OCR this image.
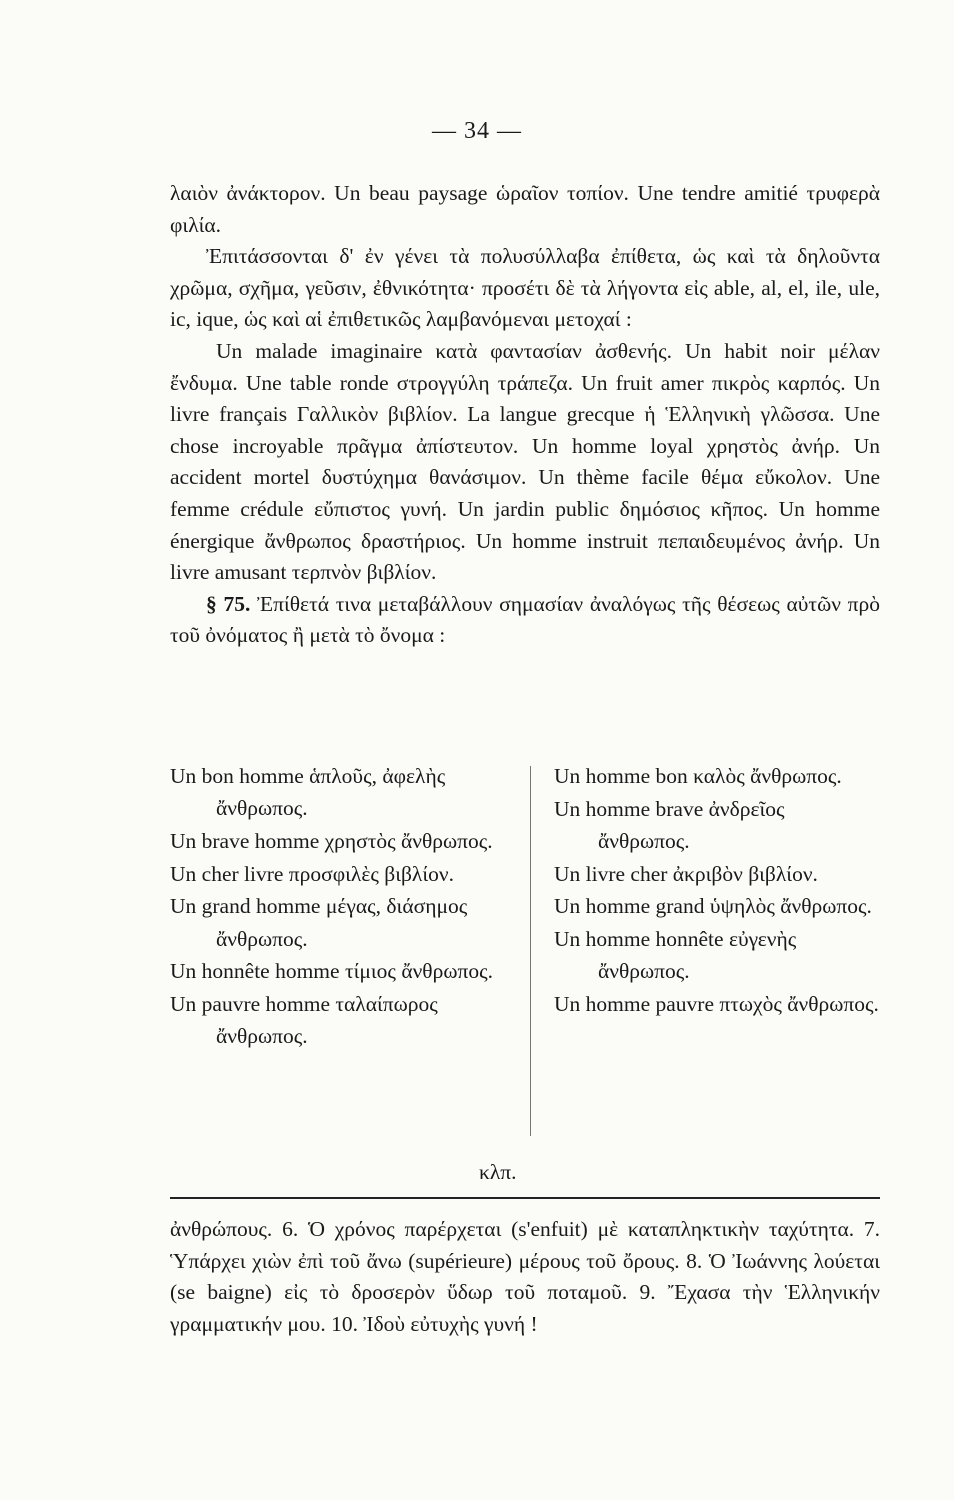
— 34 —

λαιὸν ἀνάκτορον. Un beau paysage ὡραῖον τοπίον. Une tendre amitié τρυφερὰ φιλία.

Ἐπιτάσσονται δ' ἐν γένει τὰ πολυσύλλαβα ἐπίθετα, ὡς καὶ τὰ δηλοῦντα χρῶμα, σχῆμα, γεῦσιν, ἐθνικότητα· προσέτι δὲ τὰ λήγοντα εἰς able, al, el, ile, ule, ic, ique, ὡς καὶ αἱ ἐπιθετικῶς λαμβανόμεναι μετοχαί :

Un malade imaginaire κατὰ φαντασίαν ἀσθενής. Un habit noir μέλαν ἔνδυμα. Une table ronde στρογγύλη τράπεζα. Un fruit amer πικρὸς καρπός. Un livre français Γαλλικὸν βιβλίον. La langue grecque ἡ Ἑλληνικὴ γλῶσσα. Une chose incroyable πρᾶγμα ἀπίστευτον. Un homme loyal χρηστὸς ἀνήρ. Un accident mortel δυστύχημα θανάσιμον. Un thème facile θέμα εὔκολον. Une femme crédule εὔπιστος γυνή. Un jardin public δημόσιος κῆπος. Un homme énergique ἄνθρωπος δραστήριος. Un homme instruit πεπαιδευμένος ἀνήρ. Un livre amusant τερπνὸν βιβλίον.

§ 75. Ἐπίθετά τινα μεταβάλλουν σημασίαν ἀναλόγως τῆς θέσεως αὐτῶν πρὸ τοῦ ὀνόματος ἢ μετὰ τὸ ὄνομα :

Un bon homme ἁπλοῦς, ἀφελὴς ἄνθρωπος.

Un brave homme χρηστὸς ἄνθρωπος.

Un cher livre προσφιλὲς βιβλίον.

Un grand homme μέγας, διάσημος ἄνθρωπος.

Un honnête homme τίμιος ἄνθρωπος.

Un pauvre homme ταλαίπωρος ἄνθρωπος.

Un homme bon καλὸς ἄνθρωπος.

Un homme brave ἀνδρεῖος ἄνθρωπος.

Un livre cher ἀκριβὸν βιβλίον.

Un homme grand ὑψηλὸς ἄνθρωπος.

Un homme honnête εὐγενὴς ἄνθρωπος.

Un homme pauvre πτωχὸς ἄνθρωπος.

κλπ.

ἀνθρώπους. 6. Ὁ χρόνος παρέρχεται (s'enfuit) μὲ καταπληκτικὴν ταχύτητα. 7. Ὑπάρχει χιὼν ἐπὶ τοῦ ἄνω (supérieure) μέρους τοῦ ὄρους. 8. Ὁ Ἰωάννης λούεται (se baigne) εἰς τὸ δροσερὸν ὕδωρ τοῦ ποταμοῦ. 9. Ἔχασα τὴν Ἑλληνικήν γραμματικήν μου. 10. Ἰδοὺ εὐτυχὴς γυνή !
